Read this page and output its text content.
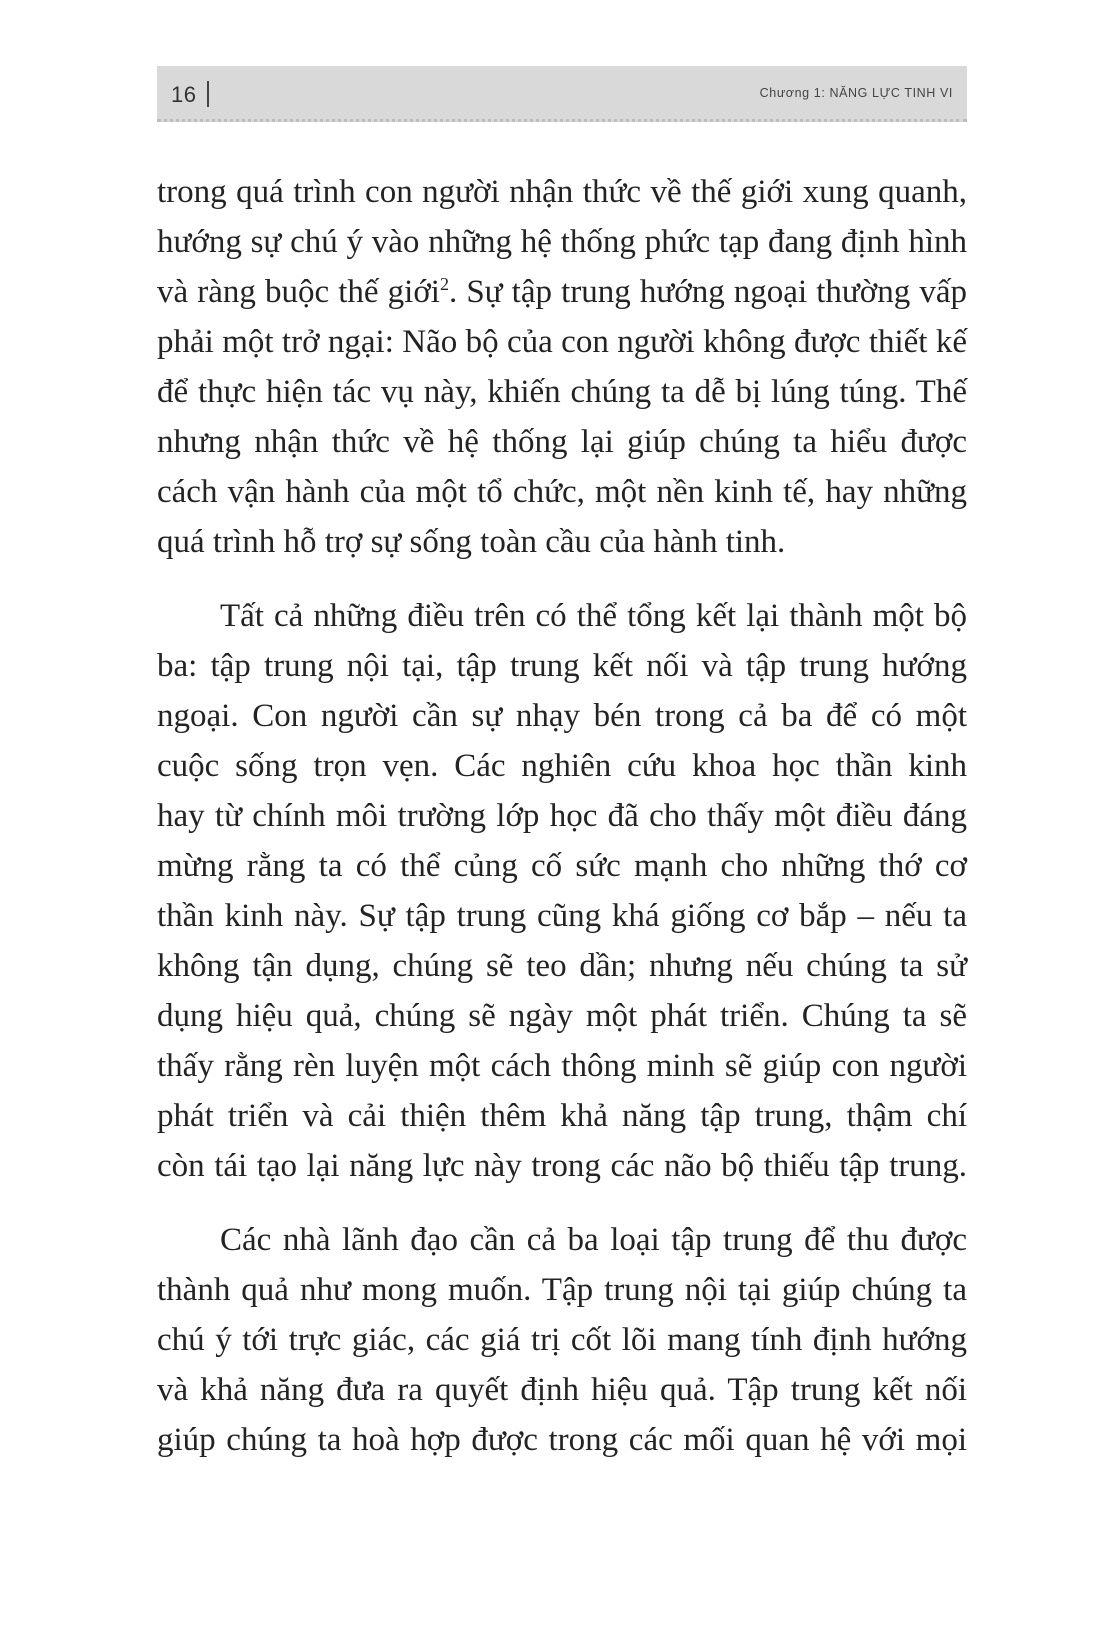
16	Chương 1: NĂNG LỰC TINH VI
trong quá trình con người nhận thức về thế giới xung quanh,
hướng sự chú ý vào những hệ thống phức tạp đang định hình
và ràng buộc thế giới$^2$. Sự tập trung hướng ngoại thường vấp
phải một trở ngại: Não bộ của con người không được thiết kế
để thực hiện tác vụ này, khiến chúng ta dễ bị lúng túng. Thế
nhưng nhận thức về hệ thống lại giúp chúng ta hiểu được
cách vận hành của một tổ chức, một nền kinh tế, hay những
quá trình hỗ trợ sự sống toàn cầu của hành tinh.
Tất cả những điều trên có thể tổng kết lại thành một bộ
ba: tập trung nội tại, tập trung kết nối và tập trung hướng
ngoại. Con người cần sự nhạy bén trong cả ba để có một
cuộc sống trọn vẹn. Các nghiên cứu khoa học thần kinh
hay từ chính môi trường lớp học đã cho thấy một điều đáng
mừng rằng ta có thể củng cố sức mạnh cho những thớ cơ
thần kinh này. Sự tập trung cũng khá giống cơ bắp – nếu ta
không tận dụng, chúng sẽ teo dần; nhưng nếu chúng ta sử
dụng hiệu quả, chúng sẽ ngày một phát triển. Chúng ta sẽ
thấy rằng rèn luyện một cách thông minh sẽ giúp con người
phát triển và cải thiện thêm khả năng tập trung, thậm chí
còn tái tạo lại năng lực này trong các não bộ thiếu tập trung.
Các nhà lãnh đạo cần cả ba loại tập trung để thu được
thành quả như mong muốn. Tập trung nội tại giúp chúng ta
chú ý tới trực giác, các giá trị cốt lõi mang tính định hướng
và khả năng đưa ra quyết định hiệu quả. Tập trung kết nối
giúp chúng ta hoà hợp được trong các mối quan hệ với mọi
